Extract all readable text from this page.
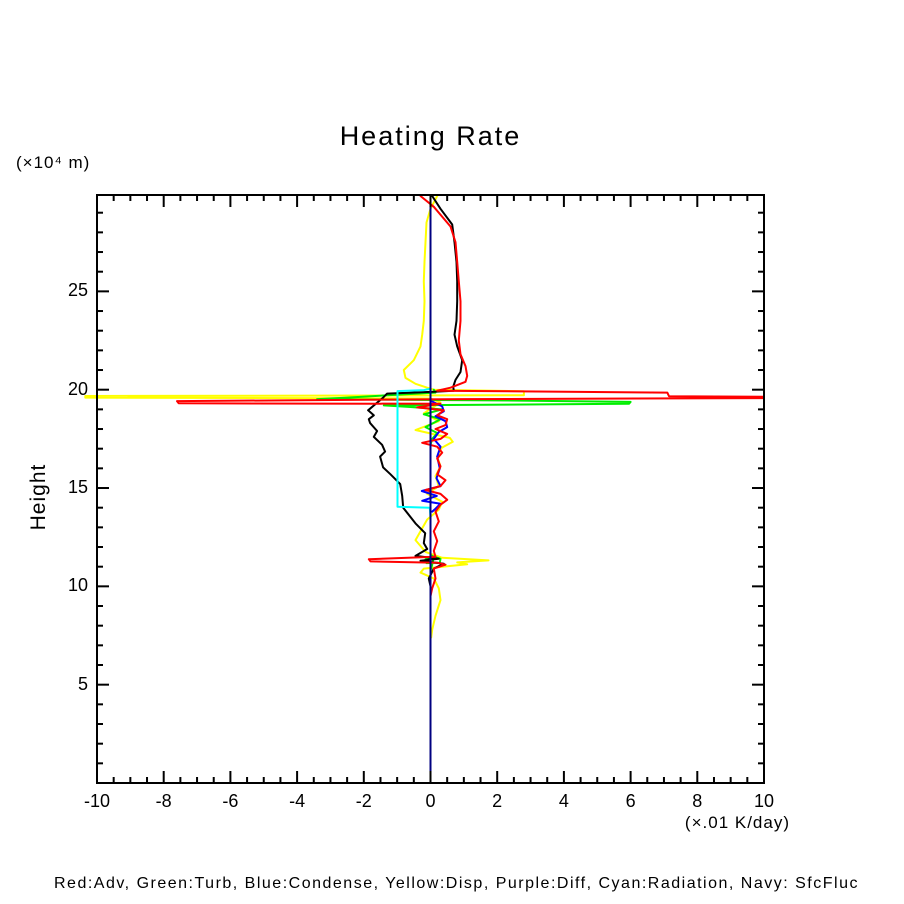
Heating Rate
(×10⁴ m)
Height
(×.01 K/day)
Red:Adv, Green:Turb, Blue:Condense, Yellow:Disp, Purple:Diff, Cyan:Radiation, Navy: SfcFluc
-10	-8	-6	-4	-2	0	2	4	6	8	10
5
10
15
20
25
